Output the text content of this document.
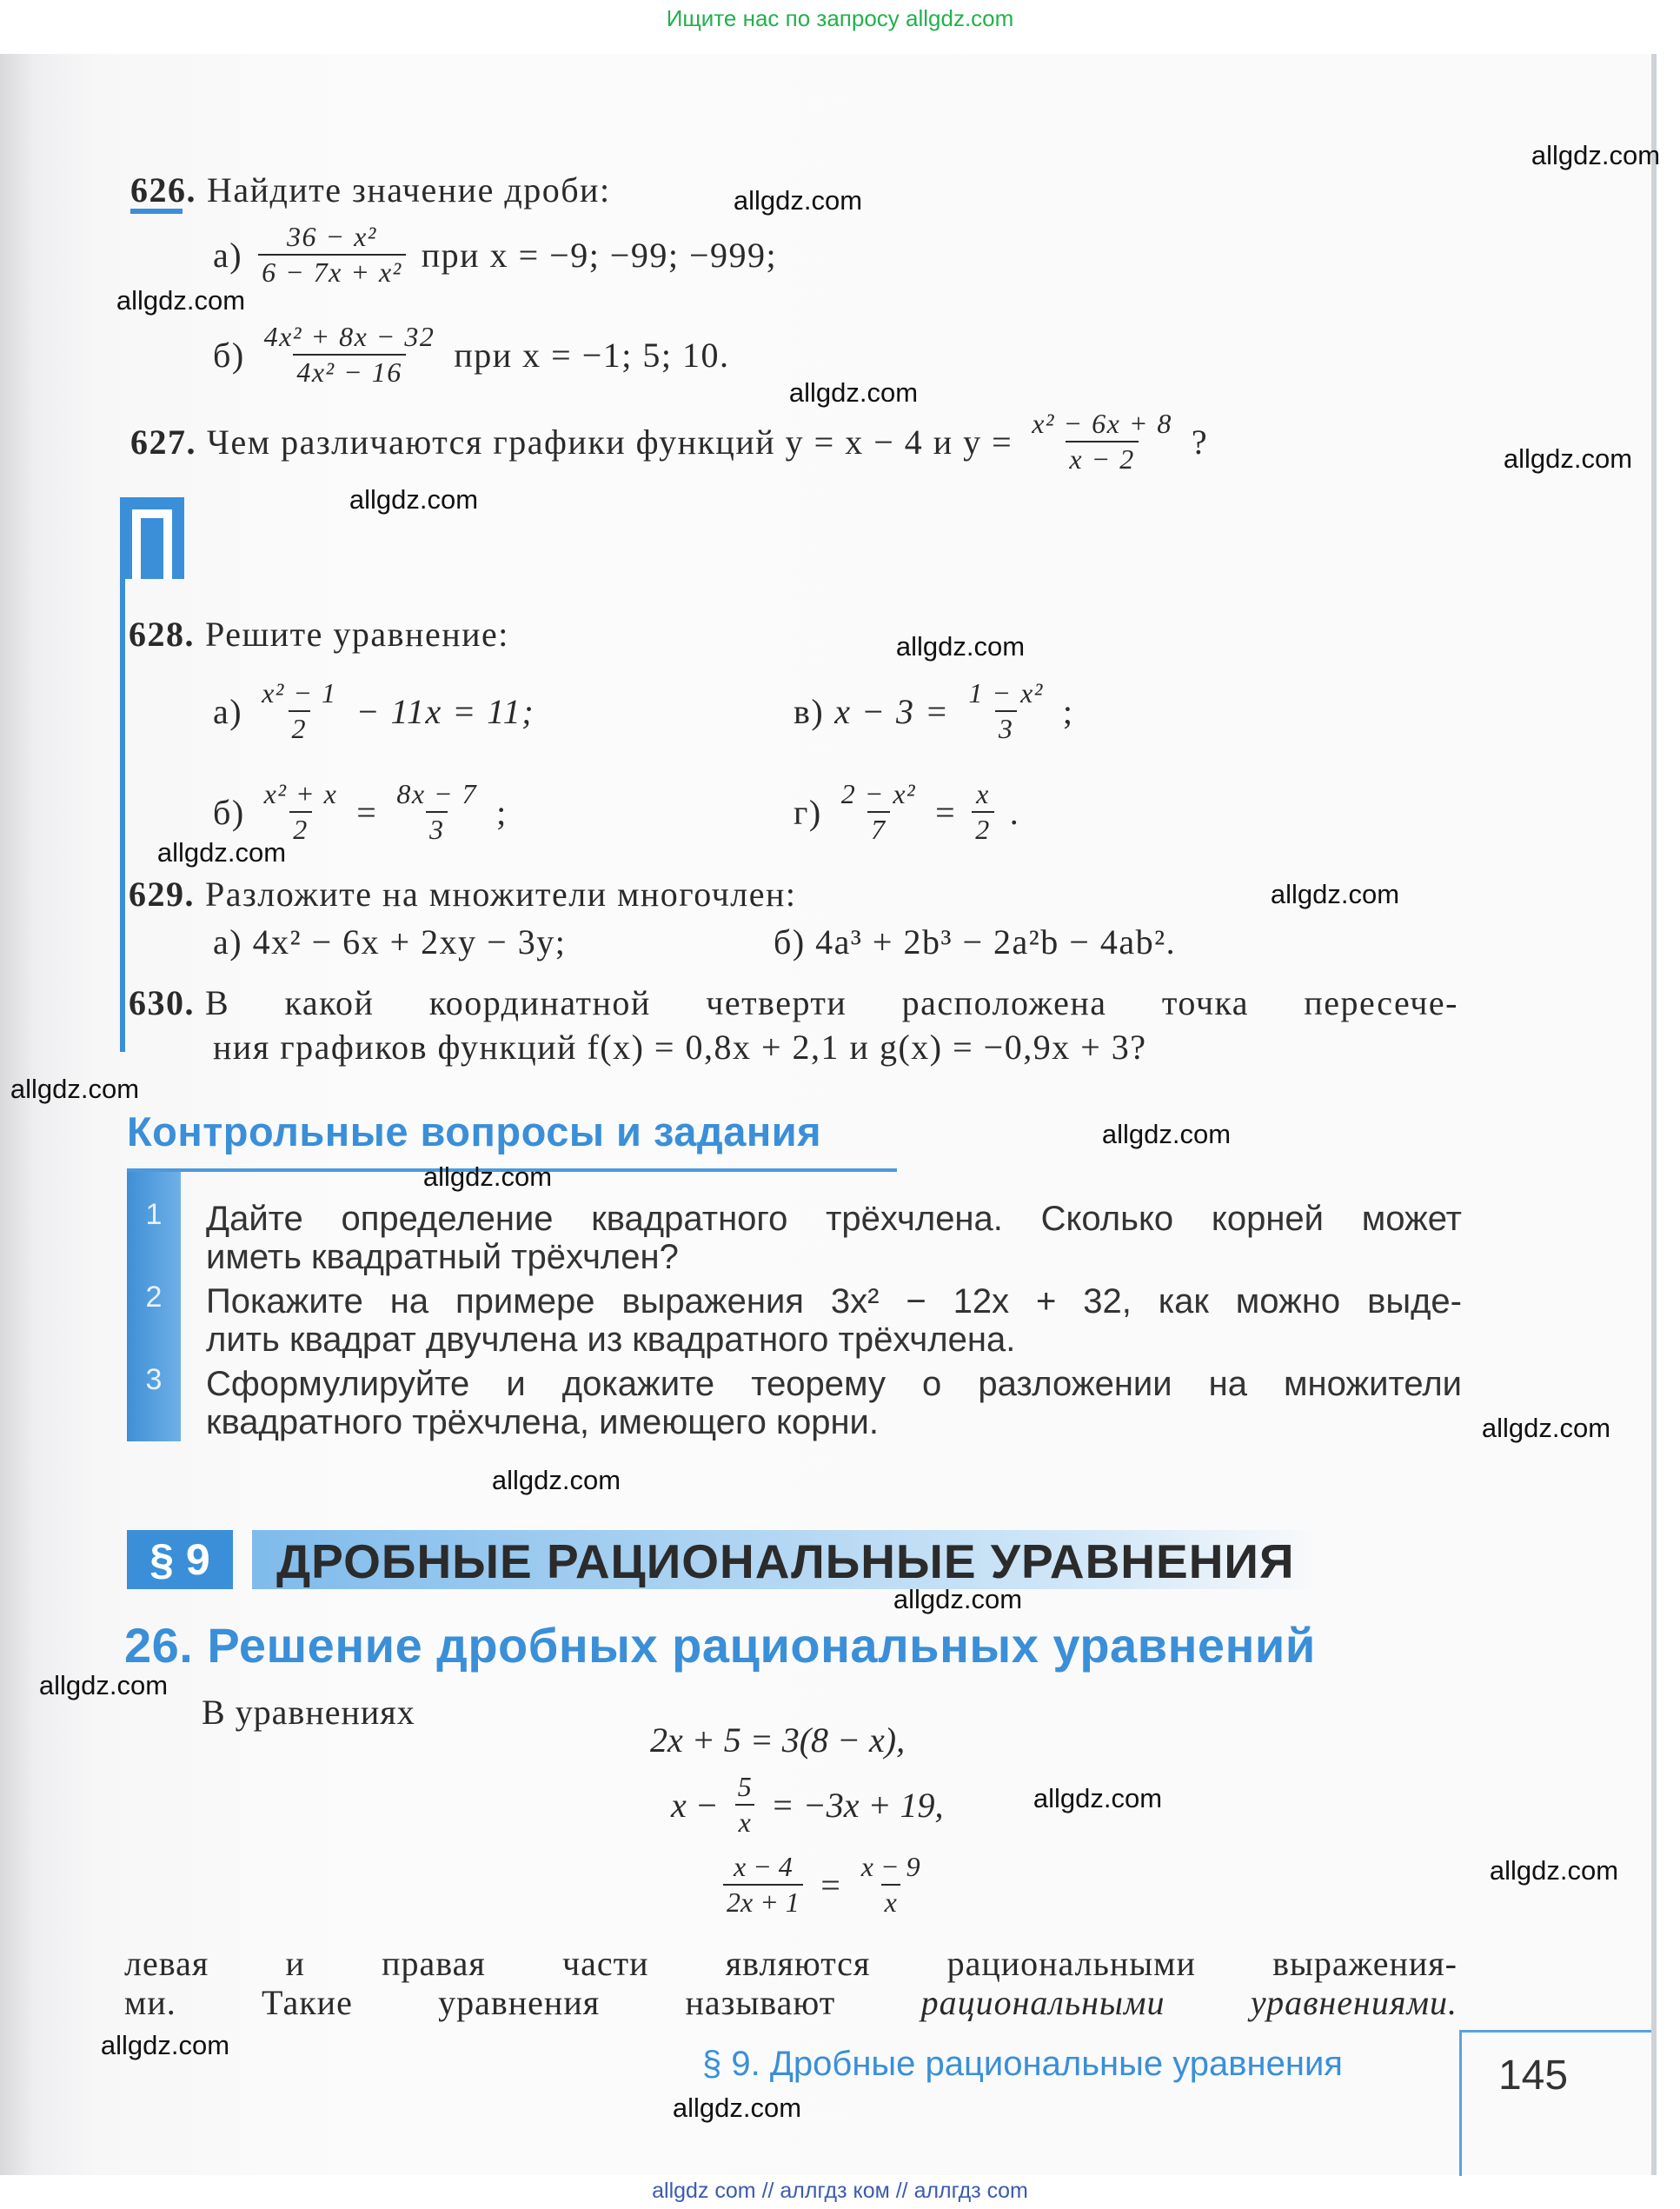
Ищите нас по запросу allgdz.com
626. Найдите значение дроби:
$а) \frac{\text{36 − x²}}{\text{6 − 7x + x²}}$ при x = −9; −99; −999;
$б) \frac{\text{4x² + 8x − 32}}{\text{4x² − 16}}$ при x = −1; 5; 10.
627. Чем различаются графики функций y = x − 4 и $y = \frac{\text{x² − 6x + 8}}{x - 2}$ ?
628. Решите уравнение:
$а) \frac{\text{x² − 1}}{2} - 11x = 11$;	в) $x - 3 = \frac{\text{1 − x²}}{3}$ ;
$б) \frac{\text{x² + x}}{2} = \frac{8x - 7}{3}$ ;	$г) \frac{\text{2 − x²}}{7} = \frac{x}{2}$ .
629. Разложите на множители многочлен:
а) 4x² − 6x + 2xy − 3y;	б) 4a³ + 2b³ − 2a²b − 4ab².
630. В какой координатной четверти расположена точка пересече-
ния графиков функций f(x) = 0,8x + 2,1 и g(x) = −0,9x + 3?
Контрольные вопросы и задания
1
2
3
Дайте определение квадратного трёхчлена. Сколько корней может
иметь квадратный трёхчлен?
Покажите на примере выражения 3x² − 12x + 32, как можно выде-
лить квадрат двучлена из квадратного трёхчлена.
Сформулируйте и докажите теорему о разложении на множители
квадратного трёхчлена, имеющего корни.
§ 9	ДРОБНЫЕ РАЦИОНАЛЬНЫЕ УРАВНЕНИЯ
26. Решение дробных рациональных уравнений
В уравнениях
2x + 5 = 3(8 − x),
$x - \frac{5}{x} = -3x + 19$,
$\frac{x - 4}{2x + 1} = \frac{x - 9}{x}$
левая и правая части являются рациональными выражения-
ми. Такие уравнения называют рациональными уравнениями.
§ 9. Дробные рациональные уравнения	145
allgdz.com
allgdz.com
allgdz.com
allgdz.com
allgdz.com
allgdz.com
allgdz.com
allgdz.com
allgdz.com
allgdz.com
allgdz.com
allgdz.com
allgdz.com
allgdz.com
allgdz.com
allgdz.com
allgdz.com
allgdz.com
allgdz.com
allgdz.com
allgdz com // аллгдз ком // аллгдз com
